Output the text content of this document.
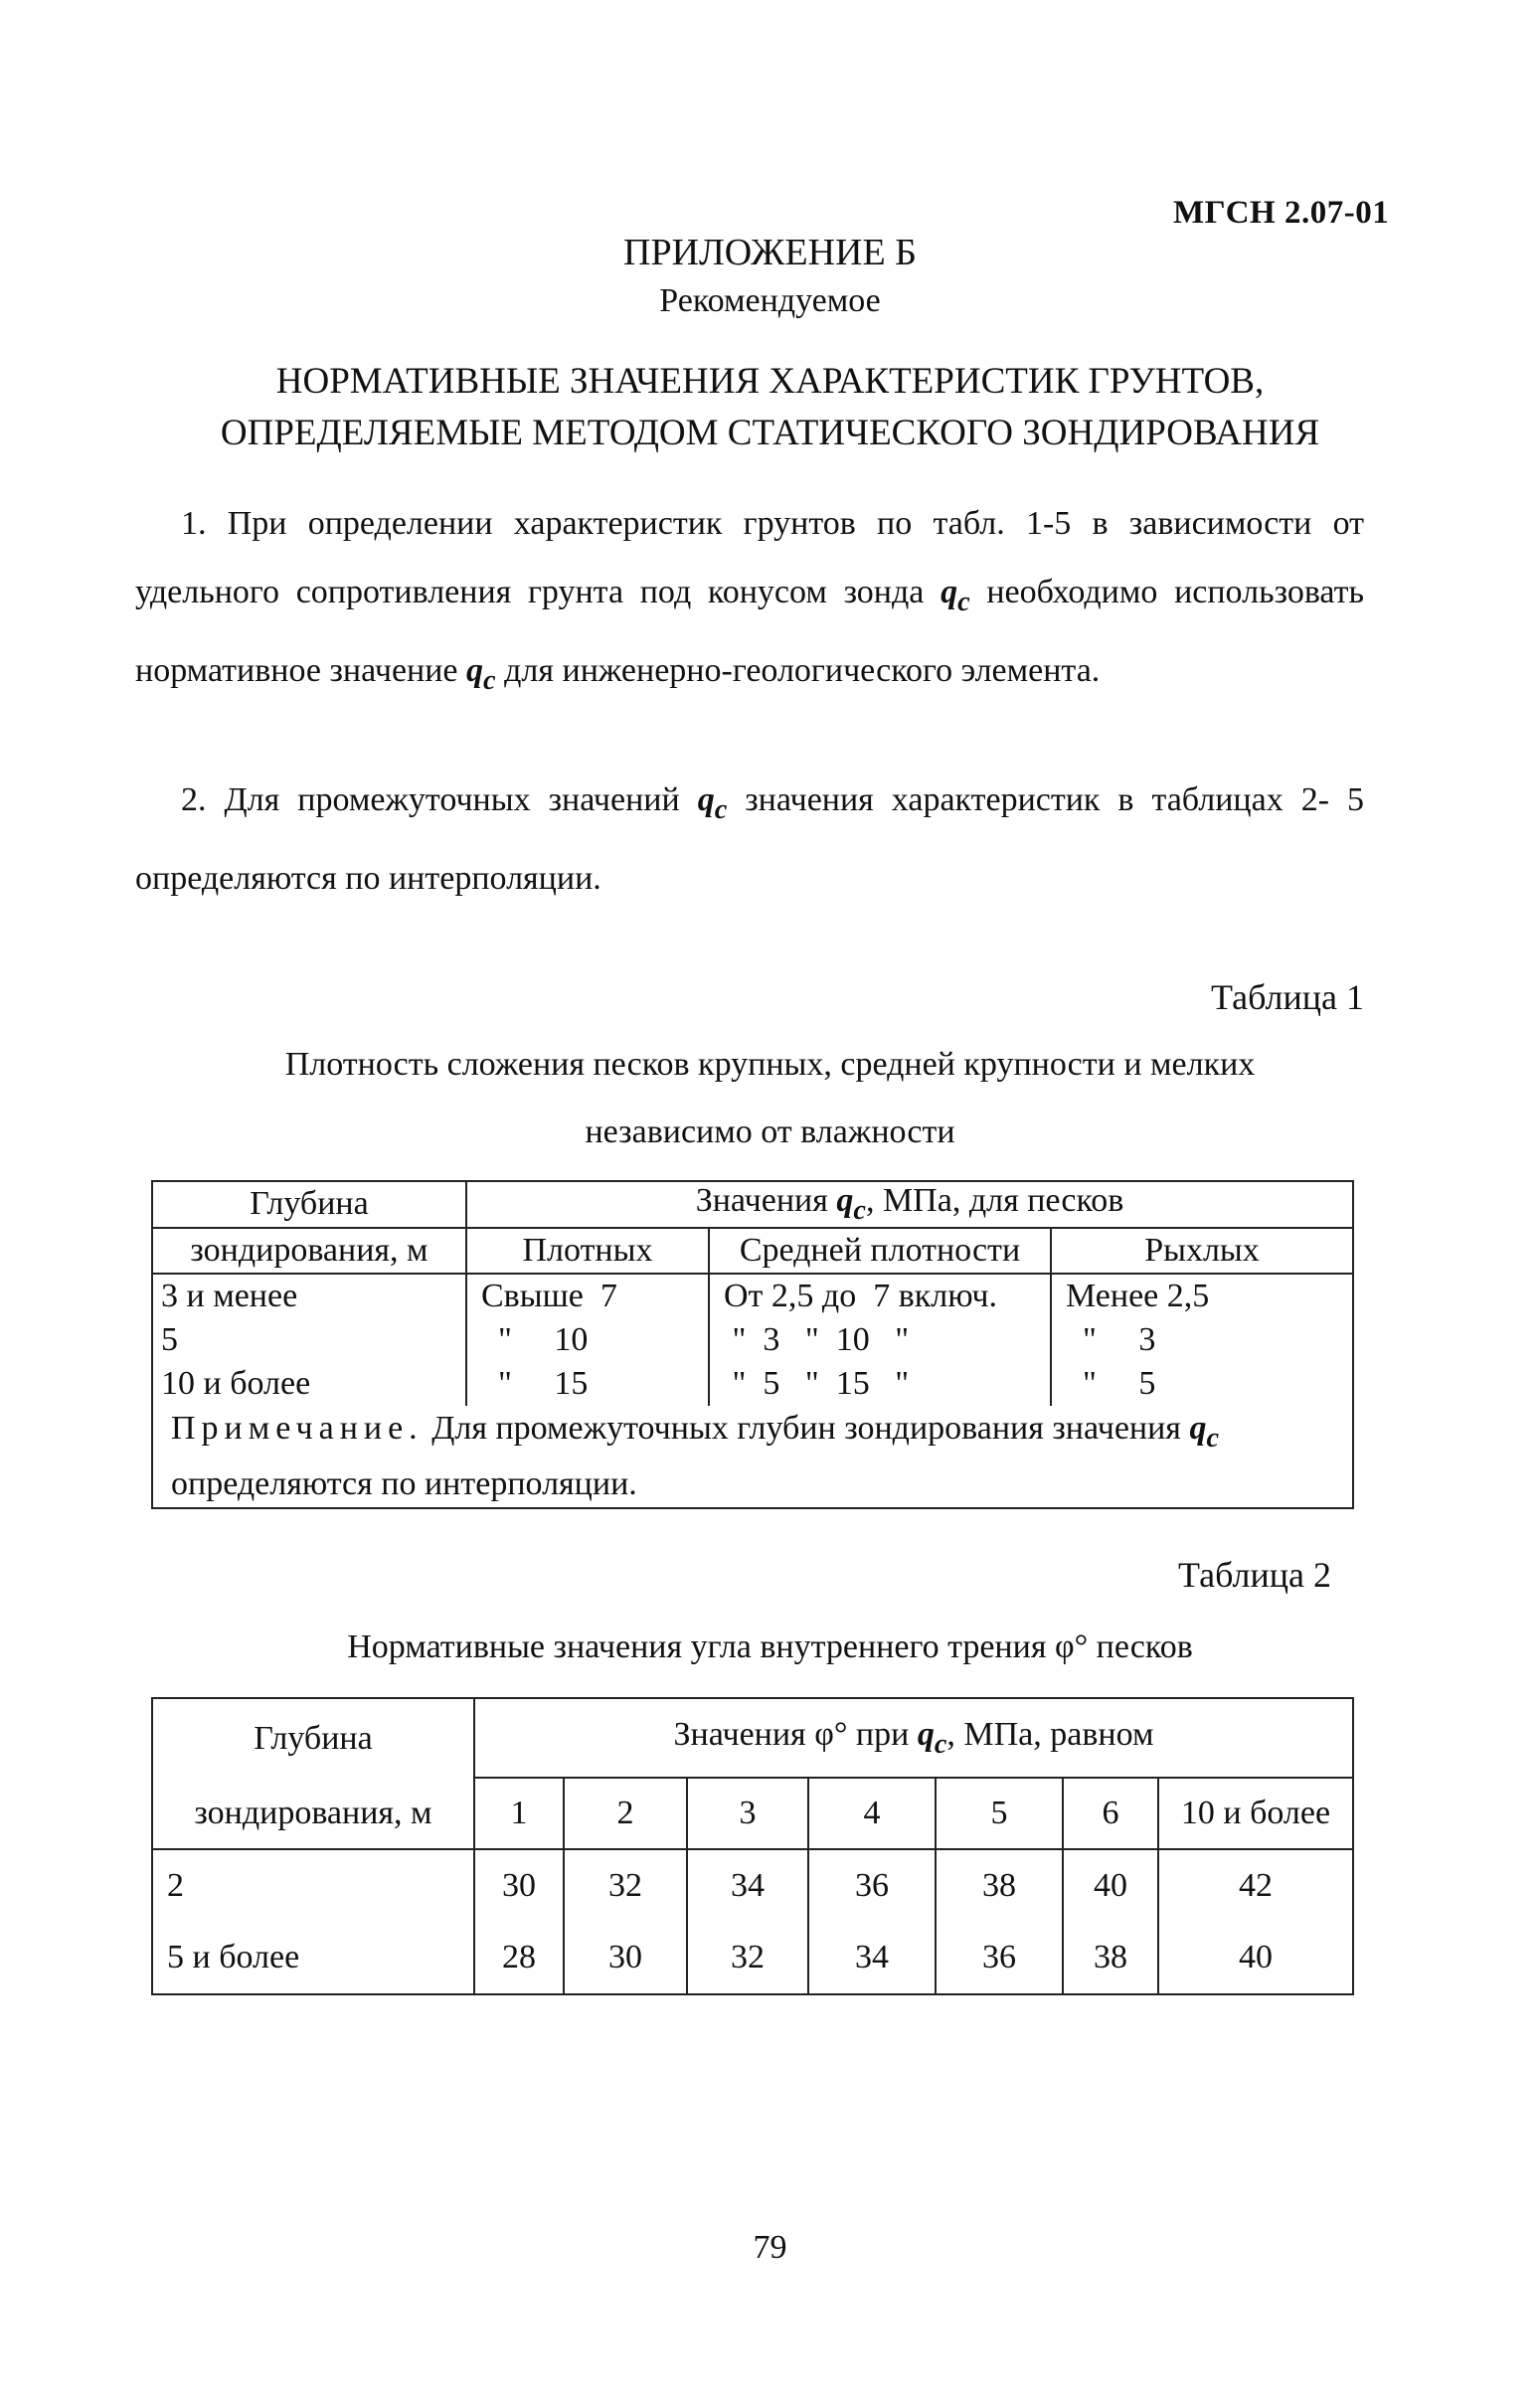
МГСН 2.07-01
ПРИЛОЖЕНИЕ Б
Рекомендуемое
НОРМАТИВНЫЕ ЗНАЧЕНИЯ ХАРАКТЕРИСТИК ГРУНТОВ,
ОПРЕДЕЛЯЕМЫЕ МЕТОДОМ СТАТИЧЕСКОГО ЗОНДИРОВАНИЯ
1. При определении характеристик грунтов по табл. 1-5 в зависимости от удельного сопротивления грунта под конусом зонда $q_c$ необходимо использовать нормативное значение $q_c$ для инженерно-геологического элемента.
2. Для промежуточных значений $q_c$ значения характеристик в таблицах 2- 5 определяются по интерполяции.
Таблица 1
Плотность сложения песков крупных, средней крупности и мелких
независимо от влажности
Глубина	Значения $q_c$, МПа, для песков		
зондирования, м	Плотных	Средней плотности	Рыхлых
3 и менее	Свыше  7	От 2,5 до  7 включ.	Менее 2,5
5	"     10	"  3   "  10   "	"     3
10 и более	"     15	"  5   "  15   "	"     5
Примечание. Для промежуточных глубин зондирования значения $q_c$ определяются по интерполяции.			
Таблица 2
Нормативные значения угла внутреннего трения φ° песков
Глубина	Значения φ° при $q_c$, МПа, равном						
зондирования, м	1	2	3	4	5	6	10 и более
2	30	32	34	36	38	40	42
5 и более	28	30	32	34	36	38	40
79
